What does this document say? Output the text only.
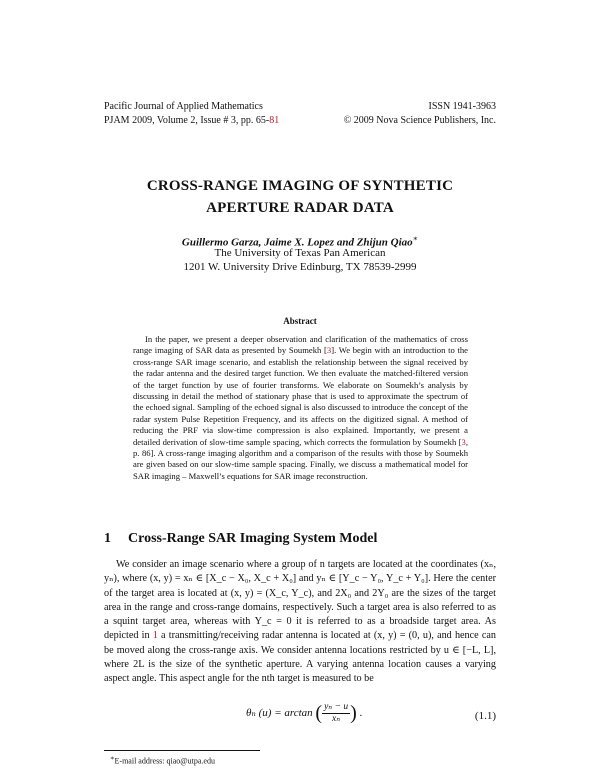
Pacific Journal of Applied Mathematics
PJAM 2009, Volume 2, Issue # 3, pp. 65-81
ISSN 1941-3963
© 2009 Nova Science Publishers, Inc.
CROSS-RANGE IMAGING OF SYNTHETIC
APERTURE RADAR DATA
Guillermo Garza, Jaime X. Lopez and Zhijun Qiao∗
The University of Texas Pan American
1201 W. University Drive Edinburg, TX 78539-2999
Abstract
In the paper, we present a deeper observation and clarification of the mathematics of cross range imaging of SAR data as presented by Soumekh [3]. We begin with an introduction to the cross-range SAR image scenario, and establish the relationship between the signal received by the radar antenna and the desired target function. We then evaluate the matched-filtered version of the target function by use of fourier transforms. We elaborate on Soumekh’s analysis by discussing in detail the method of stationary phase that is used to approximate the spectrum of the echoed signal. Sampling of the echoed signal is also discussed to introduce the concept of the radar system Pulse Repetition Frequency, and its affects on the digitized signal. A method of reducing the PRF via slow-time compression is also explained. Importantly, we present a detailed derivation of slow-time sample spacing, which corrects the formulation by Soumekh [3, p. 86]. A cross-range imaging algorithm and a comparison of the results with those by Soumekh are given based on our slow-time sample spacing. Finally, we discuss a mathematical model for SAR imaging – Maxwell’s equations for SAR image reconstruction.
1 Cross-Range SAR Imaging System Model
We consider an image scenario where a group of n targets are located at the coordinates (xₙ, yₙ), where (x, y) = xₙ ∈ [X_c − X₀, X_c + X₀] and yₙ ∈ [Y_c − Y₀, Y_c + Y₀]. Here the center of the target area is located at (x, y) = (X_c, Y_c), and 2X₀ and 2Y₀ are the sizes of the target area in the range and cross-range domains, respectively. Such a target area is also referred to as a squint target area, whereas with Y_c = 0 it is referred to as a broadside target area. As depicted in 1 a transmitting/receiving radar antenna is located at (x, y) = (0, u), and hence can be moved along the cross-range axis. We consider antenna locations restricted by u ∈ [−L, L], where 2L is the size of the synthetic aperture. A varying antenna location causes a varying aspect angle. This aspect angle for the nth target is measured to be
θₙ (u) = arctan ( $\frac{\text{yₙ − u}}{\text{xₙ}}$ ) .	(1.1)
∗E-mail address: qiao@utpa.edu
